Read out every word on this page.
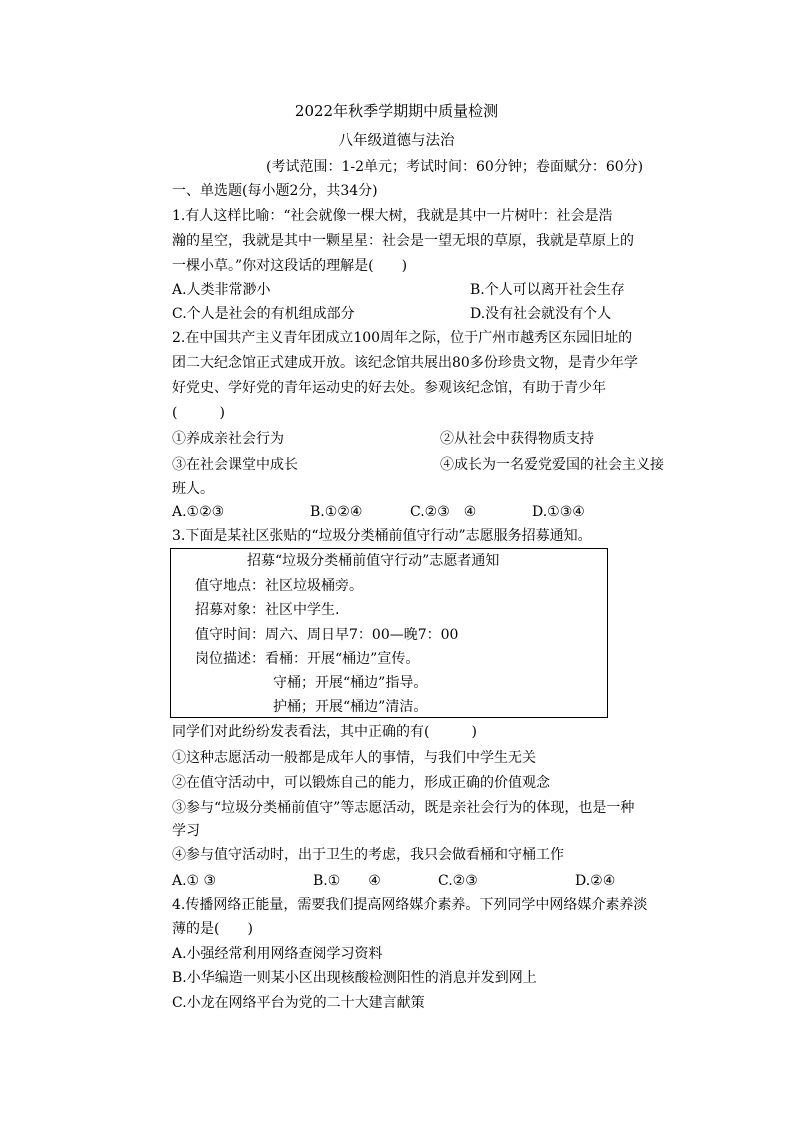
2022年秋季学期期中质量检测
八年级道德与法治
(考试范围：1-2单元；考试时间：60分钟；卷面赋分：60分)
一、单选题(每小题2分，共34分)
1.有人这样比喻：“社会就像一棵大树，我就是其中一片树叶：社会是浩
瀚的星空，我就是其中一颗星星：社会是一望无垠的草原，我就是草原上的
一棵小草。”你对这段话的理解是(　　)
A.人类非常渺小	B.个人可以离开社会生存
C.个人是社会的有机组成部分	D.没有社会就没有个人
2.在中国共产主义青年团成立100周年之际，位于广州市越秀区东园旧址的
团二大纪念馆正式建成开放。该纪念馆共展出80多份珍贵文物，是青少年学
好党史、学好党的青年运动史的好去处。参观该纪念馆，有助于青少年
(　　　)
①养成亲社会行为	②从社会中获得物质支持
③在社会课堂中成长	④成长为一名爱党爱国的社会主义接
班人。
A.①②③	B.①②④	C.②③　④	D.①③④
3.下面是某社区张贴的“垃圾分类桶前值守行动”志愿服务招募通知。
招募“垃圾分类桶前值守行动”志愿者通知
值守地点：社区垃圾桶旁。
招募对象：社区中学生.
值守时间：周六、周日早7：00—晚7：00
岗位描述：看桶：开展“桶边”宣传。
守桶；开展“桶边”指导。
护桶；开展“桶边”清洁。
同学们对此纷纷发表看法，其中正确的有(　　　)
①这种志愿活动一般都是成年人的事情，与我们中学生无关
②在值守活动中，可以锻炼自己的能力，形成正确的价值观念
③参与“垃圾分类桶前值守”等志愿活动，既是亲社会行为的体现，也是一种
学习
④参与值守活动时，出于卫生的考虑，我只会做看桶和守桶工作
A.① ③	B.①　　④	C.②③	D.②④
4.传播网络正能量，需要我们提高网络媒介素养。下列同学中网络媒介素养淡
薄的是(　　)
A.小强经常利用网络查阅学习资料
B.小华编造一则某小区出现核酸检测阳性的消息并发到网上
C.小龙在网络平台为党的二十大建言献策
